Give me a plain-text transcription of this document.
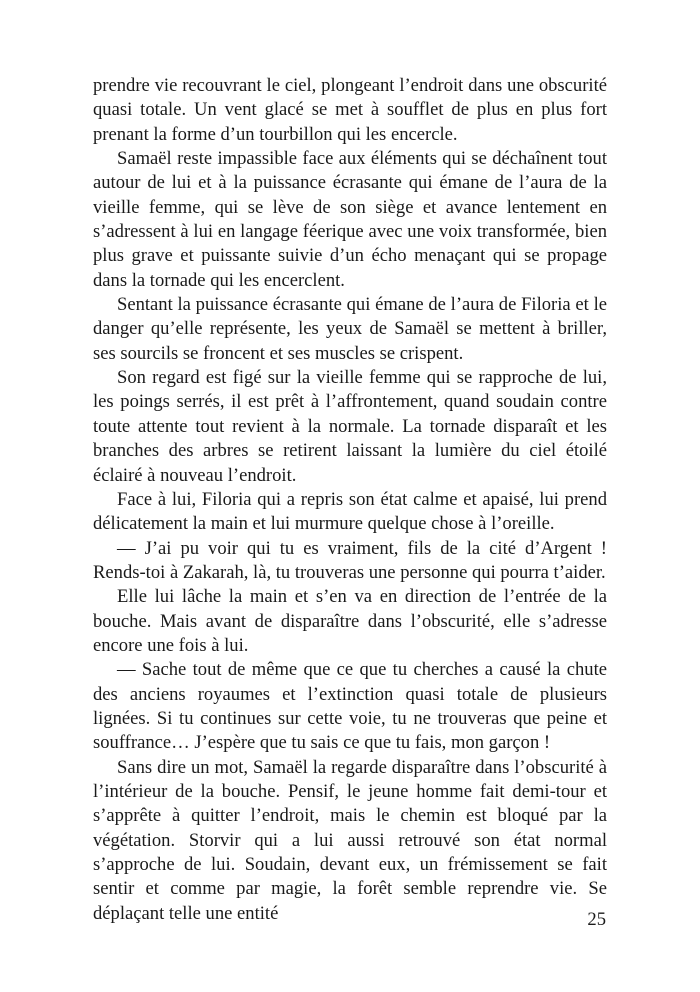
prendre vie recouvrant le ciel, plongeant l’endroit dans une obscurité quasi totale. Un vent glacé se met à soufflet de plus en plus fort prenant la forme d’un tourbillon qui les encercle.

Samaël reste impassible face aux éléments qui se déchaînent tout autour de lui et à la puissance écrasante qui émane de l’aura de la vieille femme, qui se lève de son siège et avance lentement en s’adressent à lui en langage féerique avec une voix transformée, bien plus grave et puissante suivie d’un écho menaçant qui se propage dans la tornade qui les encerclent.

Sentant la puissance écrasante qui émane de l’aura de Filoria et le danger qu’elle représente, les yeux de Samaël se mettent à briller, ses sourcils se froncent et ses muscles se crispent.

Son regard est figé sur la vieille femme qui se rapproche de lui, les poings serrés, il est prêt à l’affrontement, quand soudain contre toute attente tout revient à la normale. La tornade disparaît et les branches des arbres se retirent laissant la lumière du ciel étoilé éclairé à nouveau l’endroit.

Face à lui, Filoria qui a repris son état calme et apaisé, lui prend délicatement la main et lui murmure quelque chose à l’oreille.

— J’ai pu voir qui tu es vraiment, fils de la cité d’Argent ! Rends-toi à Zakarah, là, tu trouveras une personne qui pourra t’aider.

Elle lui lâche la main et s’en va en direction de l’entrée de la bouche. Mais avant de disparaître dans l’obscurité, elle s’adresse encore une fois à lui.

— Sache tout de même que ce que tu cherches a causé la chute des anciens royaumes et l’extinction quasi totale de plusieurs lignées. Si tu continues sur cette voie, tu ne trouveras que peine et souffrance… J’espère que tu sais ce que tu fais, mon garçon !

Sans dire un mot, Samaël la regarde disparaître dans l’obscurité à l’intérieur de la bouche. Pensif, le jeune homme fait demi-tour et s’apprête à quitter l’endroit, mais le chemin est bloqué par la végétation. Storvir qui a lui aussi retrouvé son état normal s’approche de lui. Soudain, devant eux, un frémissement se fait sentir et comme par magie, la forêt semble reprendre vie. Se déplaçant telle une entité	25
